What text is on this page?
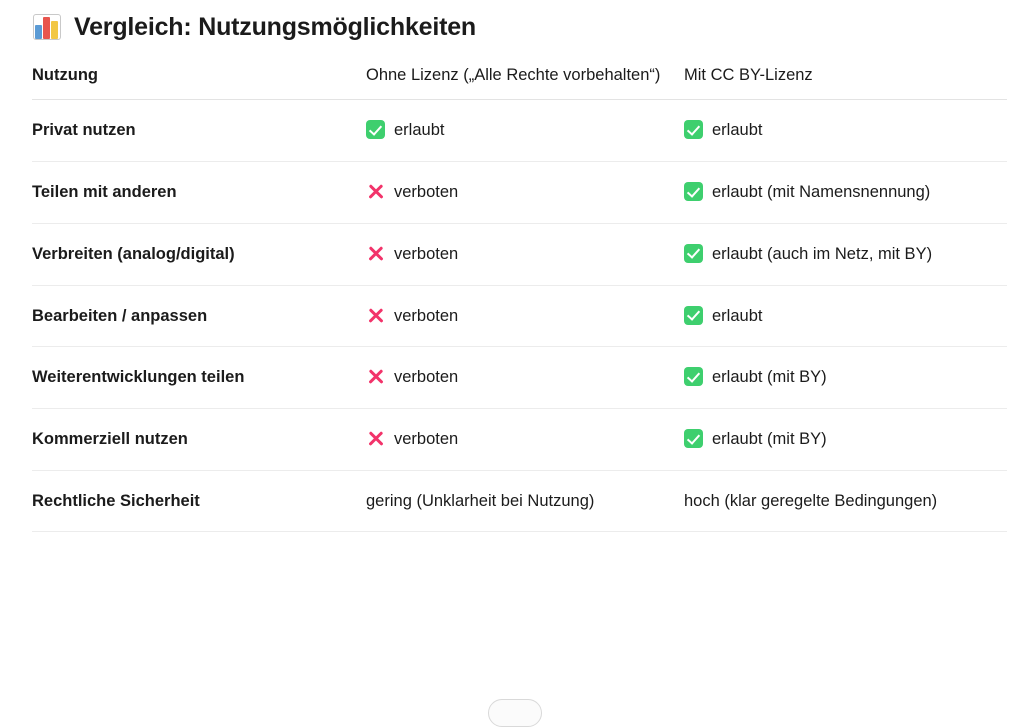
Vergleich: Nutzungsmöglichkeiten
Nutzung	Ohne Lizenz („Alle Rechte vorbehalten“)	Mit CC BY-Lizenz
Privat nutzen	erlaubt	erlaubt

Teilen mit anderen	verboten	erlaubt (mit Namensnennung)

Verbreiten (analog/digital)	verboten	erlaubt (auch im Netz, mit BY)

Bearbeiten / anpassen	verboten	erlaubt

Weiterentwicklungen teilen	verboten	erlaubt (mit BY)

Kommerziell nutzen	verboten	erlaubt (mit BY)

Rechtliche Sicherheit	gering (Unklarheit bei Nutzung)	hoch (klar geregelte Bedingungen)
